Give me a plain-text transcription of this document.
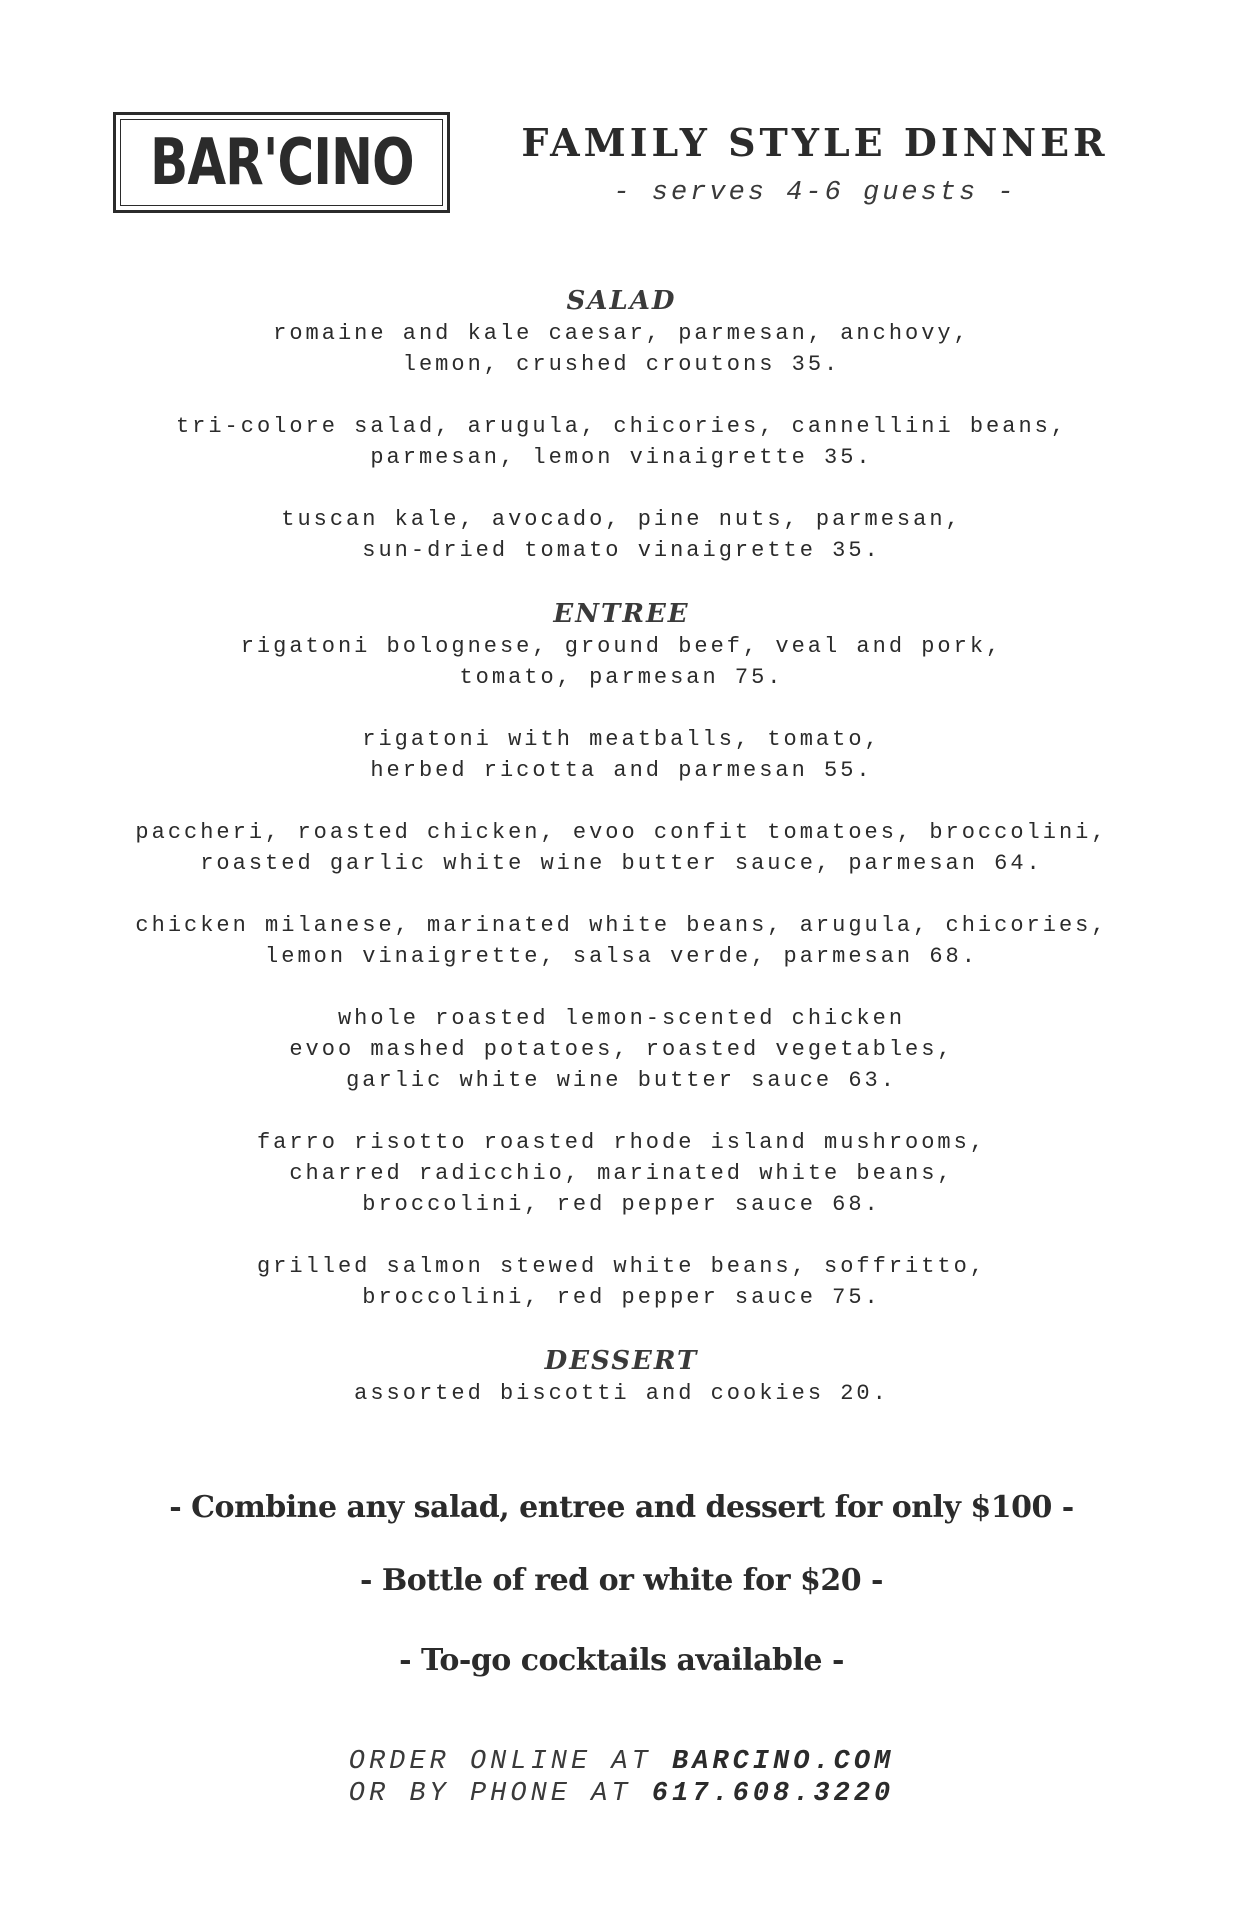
BAR'CINO	FAMILY STYLE DINNER
- serves 4-6 guests -
SALAD
romaine and kale caesar, parmesan, anchovy,
lemon, crushed croutons 35.
tri-colore salad, arugula, chicories, cannellini beans,
parmesan, lemon vinaigrette 35.
tuscan kale, avocado, pine nuts, parmesan,
sun-dried tomato vinaigrette 35.
ENTREE
rigatoni bolognese, ground beef, veal and pork,
tomato, parmesan 75.
rigatoni with meatballs, tomato,
herbed ricotta and parmesan 55.
paccheri, roasted chicken, evoo confit tomatoes, broccolini,
roasted garlic white wine butter sauce, parmesan 64.
chicken milanese, marinated white beans, arugula, chicories,
lemon vinaigrette, salsa verde, parmesan 68.
whole roasted lemon-scented chicken
evoo mashed potatoes, roasted vegetables,
garlic white wine butter sauce 63.
farro risotto roasted rhode island mushrooms,
charred radicchio, marinated white beans,
broccolini, red pepper sauce 68.
grilled salmon stewed white beans, soffritto,
broccolini, red pepper sauce 75.
DESSERT
assorted biscotti and cookies 20.
- Combine any salad, entree and dessert for only $100 -
- Bottle of red or white for $20 -
- To-go cocktails available -
ORDER ONLINE AT BARCINO.COM
OR BY PHONE AT 617.608.3220
